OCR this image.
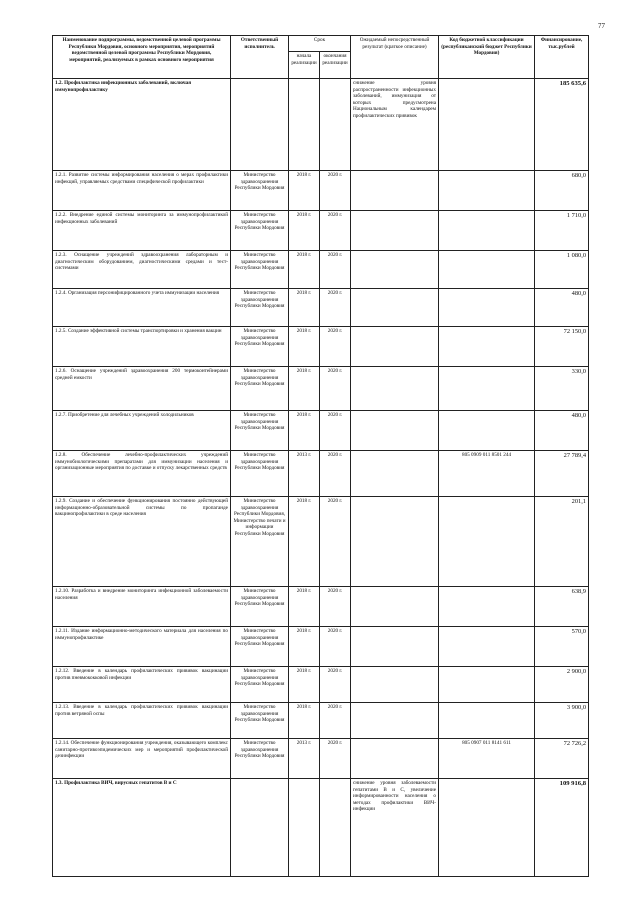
77
Наименование подпрограммы, ведомственной целевой программы Республики Мордовия, основного мероприятия, мероприятий ведомственной целевой программы Республики Мордовия, мероприятий, реализуемых в рамках основного мероприятия	Ответственный исполнитель	Срок		Ожидаемый непосредственный результат (краткое описание)	Код бюджетной классификации (республиканский бюджет Республики Мордовия)	Финансирование, тыс.рублей
		начала реализации	окончания реализации			
1.2. Профилактика инфекционных заболеваний, включая иммунопрофилактику				снижение уровня распространенности инфекционных заболеваний, иммунизация от которых предусмотрена Национальным календарем профилактических прививок		185 635,6
1.2.1. Развитие системы информирования населения о мерах профилактики инфекций, управляемых средствами специфической профилактики	Министерство здравоохранения Республики Мордовия	2018 г.	2020 г.			680,0
1.2.2. Внедрение единой системы мониторинга за иммунопрофилактикой инфекционных заболеваний	Министерство здравоохранения Республики Мордовия	2018 г.	2020 г.			1 710,0
1.2.3. Оснащение учреждений здравоохранения лабораторным и диагностическим оборудованием, диагностическими средами и тест-системами	Министерство здравоохранения Республики Мордовия	2018 г.	2020 г.			1 080,0
1.2.4. Организация персонифицированного учета иммунизации населения	Министерство здравоохранения Республики Мордовия	2018 г.	2020 г.			480,0
1.2.5. Создание эффективной системы транспортировки и хранения вакцин	Министерство здравоохранения Республики Мордовия	2018 г.	2020 г.			72 150,0
1.2.6. Оснащение учреждений здравоохранения 200 термоконтейнерами средней емкости	Министерство здравоохранения Республики Мордовия	2018 г.	2020 г.			330,0
1.2.7. Приобретение для лечебных учреждений холодильников	Министерство здравоохранения Республики Мордовия	2018 г.	2020 г.			480,0
1.2.8. Обеспечение лечебно-профилактических учреждений иммунобиологическими препаратами для иммунизации населения и организационные мероприятия по доставке и отпуску лекарственных средств	Министерство здравоохранения Республики Мордовия	2013 г.	2020 г.		805 0909 011 8501 244	27 789,4
1.2.9. Создание и обеспечение функционирования постоянно действующей информационно-образовательной системы по пропаганде вакцинопрофилактики в среде населения	Министерство здравоохранения Республики Мордовия, Министерство печати и информации Республики Мордовия	2018 г.	2020 г.			201,1
1.2.10. Разработка и внедрение мониторинга инфекционной заболеваемости населения	Министерство здравоохранения Республики Мордовия	2018 г.	2020 г.			638,9
1.2.11. Издание информационно-методического материала для населения по иммунопрофилактике	Министерство здравоохранения Республики Мордовия	2018 г.	2020 г.			570,0
1.2.12. Введение в календарь профилактических прививок вакцинации против пневмококковой инфекции	Министерство здравоохранения Республики Мордовия	2018 г.	2020 г.			2 900,0
1.2.13. Введение в календарь профилактических прививок вакцинации против ветряной оспы	Министерство здравоохранения Республики Мордовия	2018 г.	2020 г.			3 900,0
1.2.14. Обеспечение функционирования учреждения, оказывающего комплекс санитарно-противоэпидемических мер и мероприятий профилактической дезинфекции	Министерство здравоохранения Республики Мордовия	2013 г.	2020 г.		805 0907 011 8141 611	72 726,2
1.3. Профилактика ВИЧ, вирусных гепатитов В и С				снижение уровня заболеваемости гепатитами В и С, увеличение информированности населения о методах профилактики ВИЧ-инфекции		109 916,8
